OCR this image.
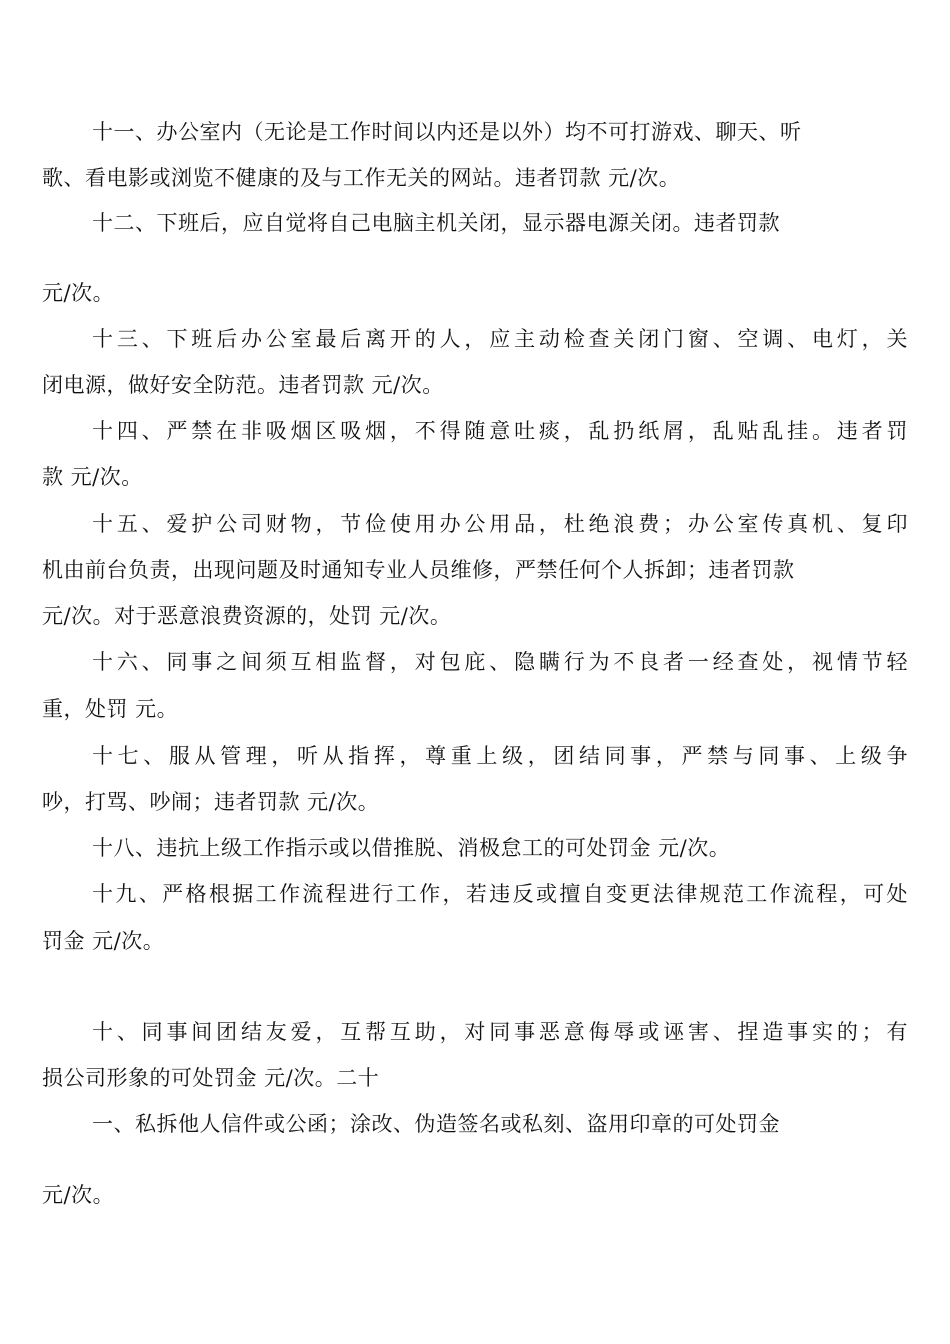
十一、办公室内（无论是工作时间以内还是以外）均不可打游戏、聊天、听
歌、看电影或浏览不健康的及与工作无关的网站。违者罚款 元/次。
十二、下班后，应自觉将自己电脑主机关闭，显示器电源关闭。违者罚款
元/次。
十三、下班后办公室最后离开的人，应主动检查关闭门窗、空调、电灯，关
闭电源，做好安全防范。违者罚款 元/次。
十四、严禁在非吸烟区吸烟，不得随意吐痰，乱扔纸屑，乱贴乱挂。违者罚
款 元/次。
十五、爱护公司财物，节俭使用办公用品，杜绝浪费；办公室传真机、复印
机由前台负责，出现问题及时通知专业人员维修，严禁任何个人拆卸；违者罚款
元/次。对于恶意浪费资源的，处罚 元/次。
十六、同事之间须互相监督，对包庇、隐瞒行为不良者一经查处，视情节轻
重，处罚 元。
十七、服从管理，听从指挥，尊重上级，团结同事，严禁与同事、上级争
吵，打骂、吵闹；违者罚款 元/次。
十八、违抗上级工作指示或以借推脱、消极怠工的可处罚金 元/次。
十九、严格根据工作流程进行工作，若违反或擅自变更法律规范工作流程，可处
罚金 元/次。
十、同事间团结友爱，互帮互助，对同事恶意侮辱或诬害、捏造事实的；有
损公司形象的可处罚金 元/次。二十
一、私拆他人信件或公函；涂改、伪造签名或私刻、盗用印章的可处罚金
元/次。
